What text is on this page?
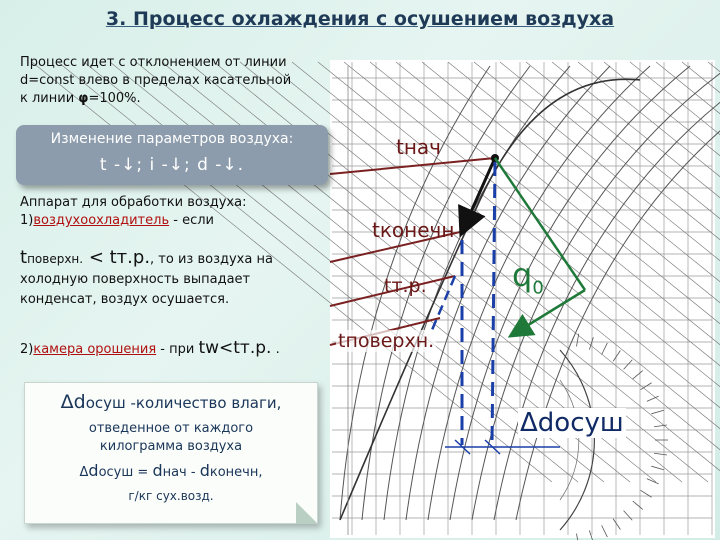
3. Процесс охлаждения с осушением воздуха
Процесс идет с отклонением от линии
d=const влево в пределах касательной
к линии φ=100%.
Изменение параметров воздуха:
t -↓; i -↓; d -↓.
Аппарат для обработки воздуха:
1)воздухоохладитель - если
tповерхн. < tт.р., то из воздуха на
холодную поверхность выпадает
конденсат, воздух осушается.
2)камера орошения - при tw<tт.р. .
Δdосуш -количество влаги,
отведенное от каждого
килограмма воздуха
Δdосуш = dнач - dконечн,
г/кг сух.возд.
tнач
tконечн
tт.р.
tповерхн.
$q_0$
Δdосуш
